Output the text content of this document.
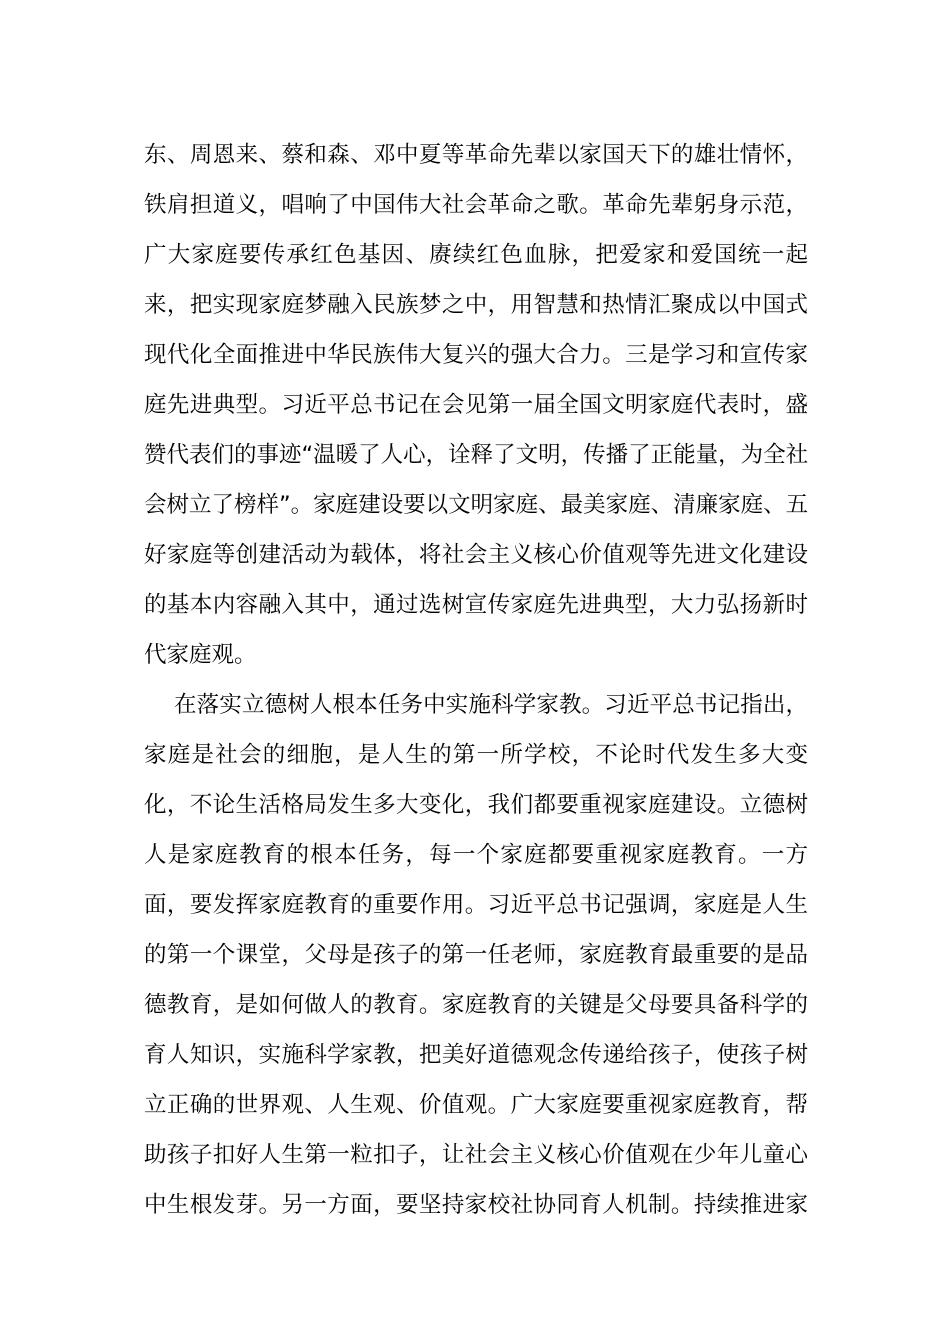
东、周恩来、蔡和森、邓中夏等革命先辈以家国天下的雄壮情怀，
铁肩担道义，唱响了中国伟大社会革命之歌。革命先辈躬身示范，
广大家庭要传承红色基因、赓续红色血脉，把爱家和爱国统一起
来，把实现家庭梦融入民族梦之中，用智慧和热情汇聚成以中国式
现代化全面推进中华民族伟大复兴的强大合力。三是学习和宣传家
庭先进典型。习近平总书记在会见第一届全国文明家庭代表时，盛
赞代表们的事迹“温暖了人心，诠释了文明，传播了正能量，为全社
会树立了榜样”。家庭建设要以文明家庭、最美家庭、清廉家庭、五
好家庭等创建活动为载体，将社会主义核心价值观等先进文化建设
的基本内容融入其中，通过选树宣传家庭先进典型，大力弘扬新时
代家庭观。
在落实立德树人根本任务中实施科学家教。习近平总书记指出，
家庭是社会的细胞，是人生的第一所学校，不论时代发生多大变
化，不论生活格局发生多大变化，我们都要重视家庭建设。立德树
人是家庭教育的根本任务，每一个家庭都要重视家庭教育。一方
面，要发挥家庭教育的重要作用。习近平总书记强调，家庭是人生
的第一个课堂，父母是孩子的第一任老师，家庭教育最重要的是品
德教育，是如何做人的教育。家庭教育的关键是父母要具备科学的
育人知识，实施科学家教，把美好道德观念传递给孩子，使孩子树
立正确的世界观、人生观、价值观。广大家庭要重视家庭教育，帮
助孩子扣好人生第一粒扣子，让社会主义核心价值观在少年儿童心
中生根发芽。另一方面，要坚持家校社协同育人机制。持续推进家
